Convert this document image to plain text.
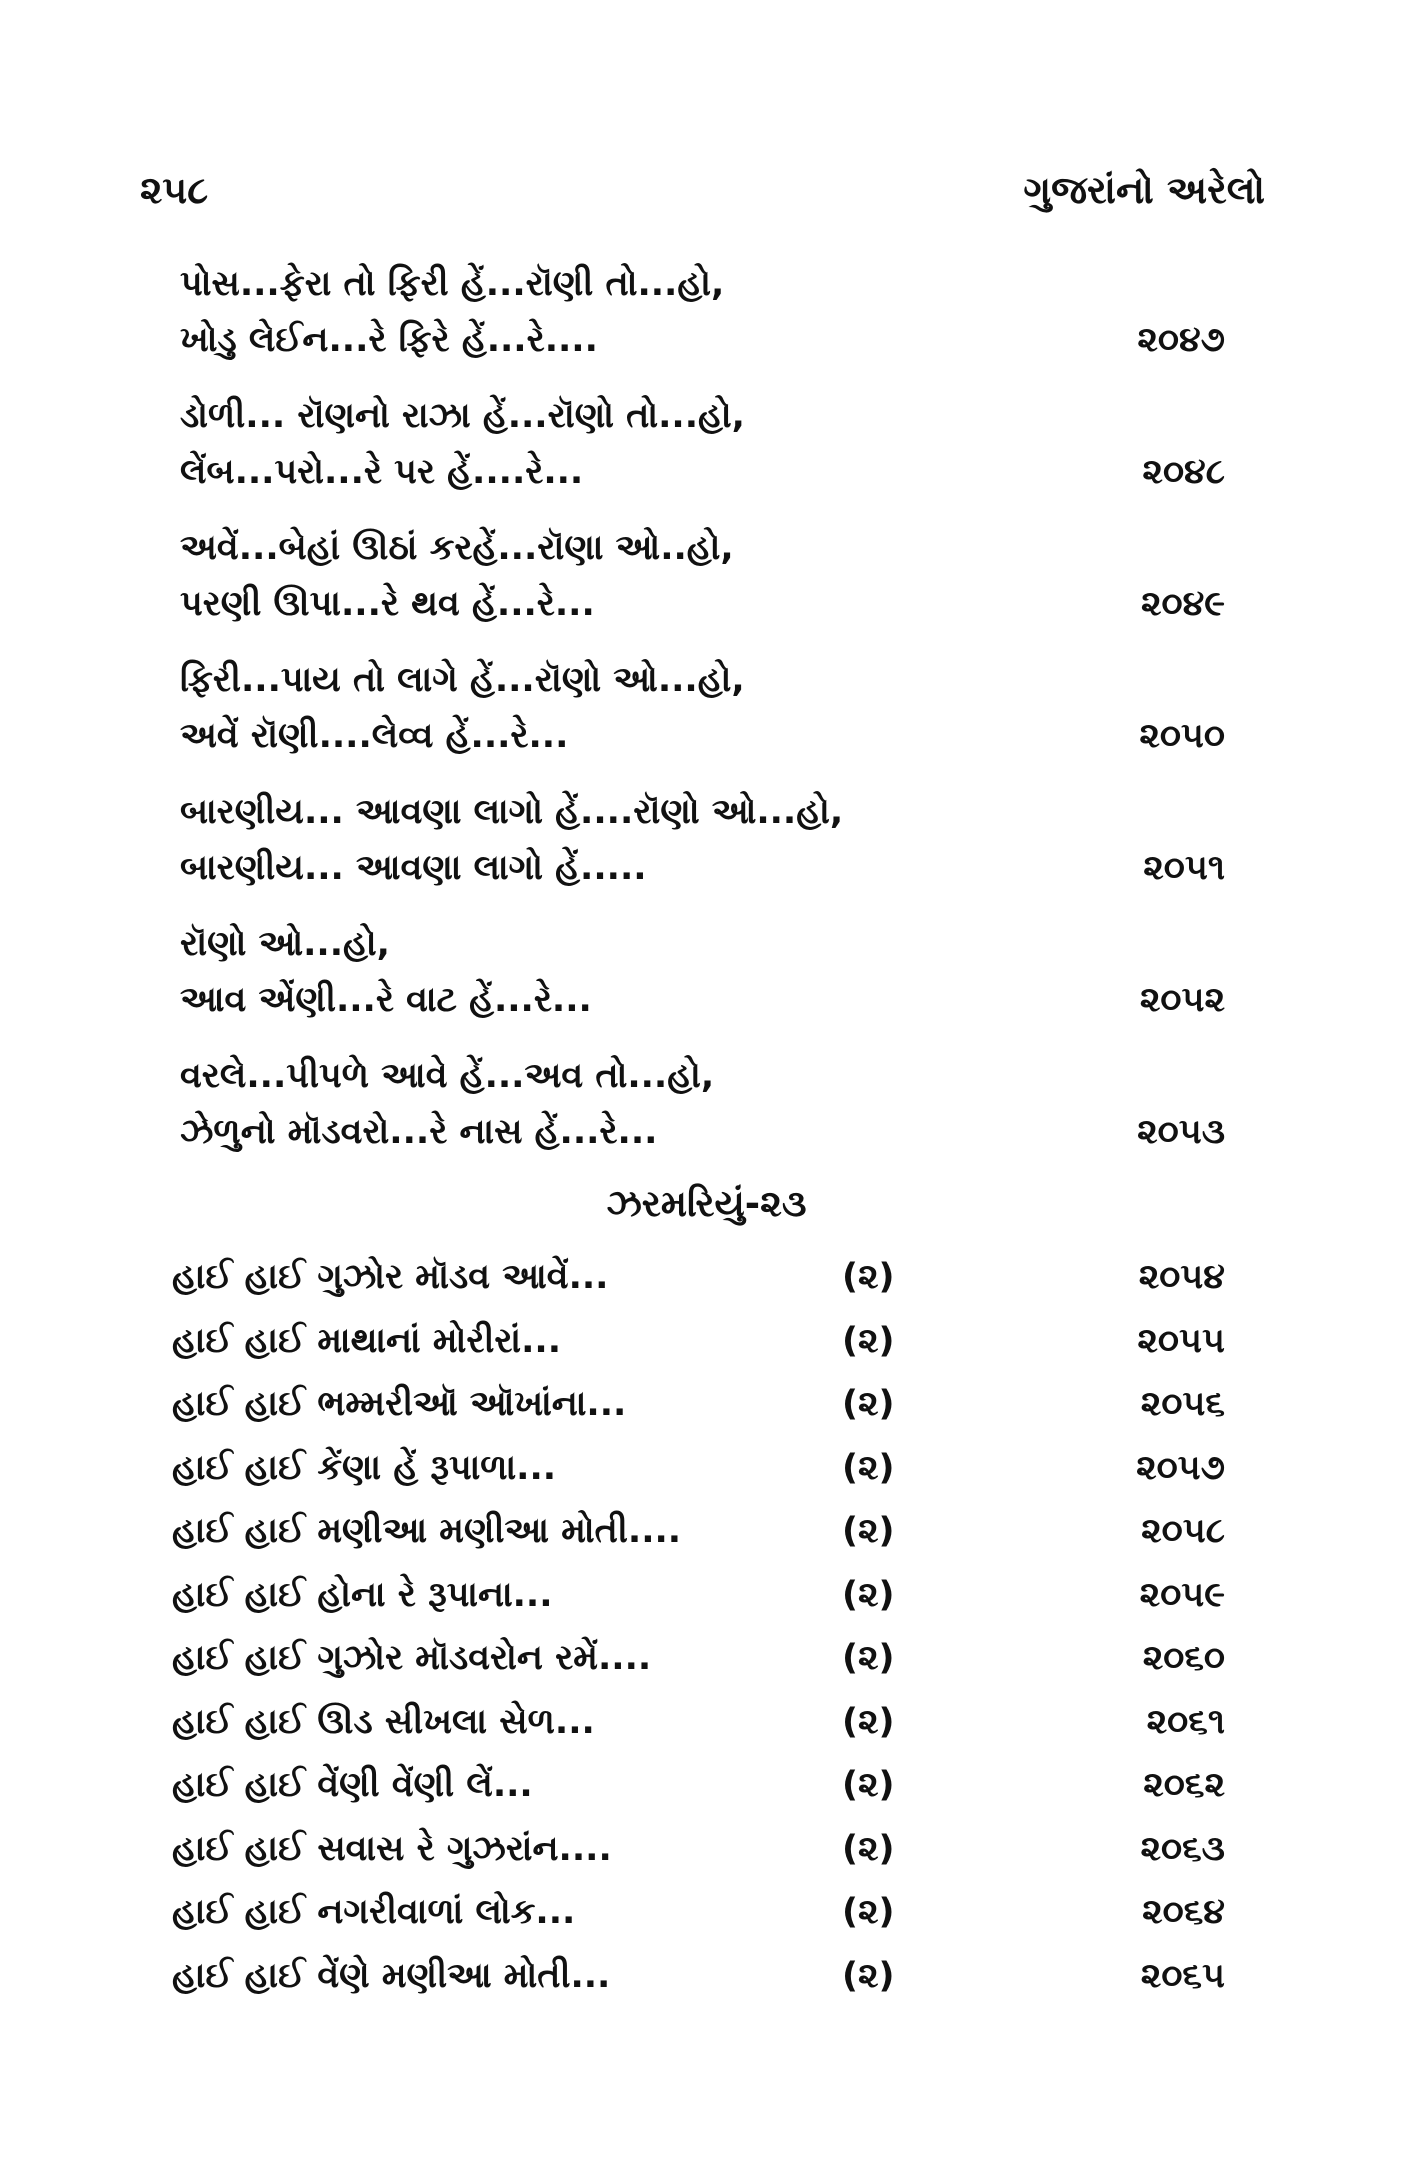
૨૫૮	ગુજરાંનો અરેલો
પોસ...ફેરા તો ફિરી હેં...રૉણી તો...હો,
ખોડુ લેઈન...રે ફિરે હેં...રે....	૨૦૪૭
ડોળી... રૉણનો રાઝા હેં...રૉણો તો...હો,
લેંબ...પરો...રે પર હેં....રે...	૨૦૪૮
અવેં...બેહાં ઊઠાં કરહેં...રૉણા ઓ..હો,
પરણી ઊપા...રે થવ હેં...રે...	૨૦૪૯
ફિરી...પાય તો લાગે હેં...રૉણો ઓ...હો,
અવેં રૉણી....લેવ્વ હેં...રે...	૨૦૫૦
બારણીય... આવણા લાગો હેં....રૉણો ઓ...હો,
બારણીય... આવણા લાગો હેં.....	૨૦૫૧
રૉણો ઓ...હો,
આવ એંણી...રે વાટ હેં...રે...	૨૦૫૨
વરલે...પીપળે આવે હેં...અવ તો...હો,
ઝેળુનો મૉડવરો...રે નાસ હેં...રે...	૨૦૫૩
ઝરમરિયું-૨૩
હાઈ હાઈ ગુઝોર મૉડવ આવેં...	(૨)	૨૦૫૪
હાઈ હાઈ માથાનાં મોરીરાં...	(૨)	૨૦૫૫
હાઈ હાઈ ભમ્મરીઑ ઑખાંના...	(૨)	૨૦૫૬
હાઈ હાઈ કેંણા હેં રૂપાળા...	(૨)	૨૦૫૭
હાઈ હાઈ મણીઆ મણીઆ મોતી....	(૨)	૨૦૫૮
હાઈ હાઈ હોના રે રૂપાના...	(૨)	૨૦૫૯
હાઈ હાઈ ગુઝોર મૉડવરોન રમેં....	(૨)	૨૦૬૦
હાઈ હાઈ ઊડ સીખલા સેળ...	(૨)	૨૦૬૧
હાઈ હાઈ વેંણી વેંણી લેં...	(૨)	૨૦૬૨
હાઈ હાઈ સવાસ રે ગુઝરાંન....	(૨)	૨૦૬૩
હાઈ હાઈ નગરીવાળાં લોક...	(૨)	૨૦૬૪
હાઈ હાઈ વેંણે મણીઆ મોતી...	(૨)	૨૦૬૫
